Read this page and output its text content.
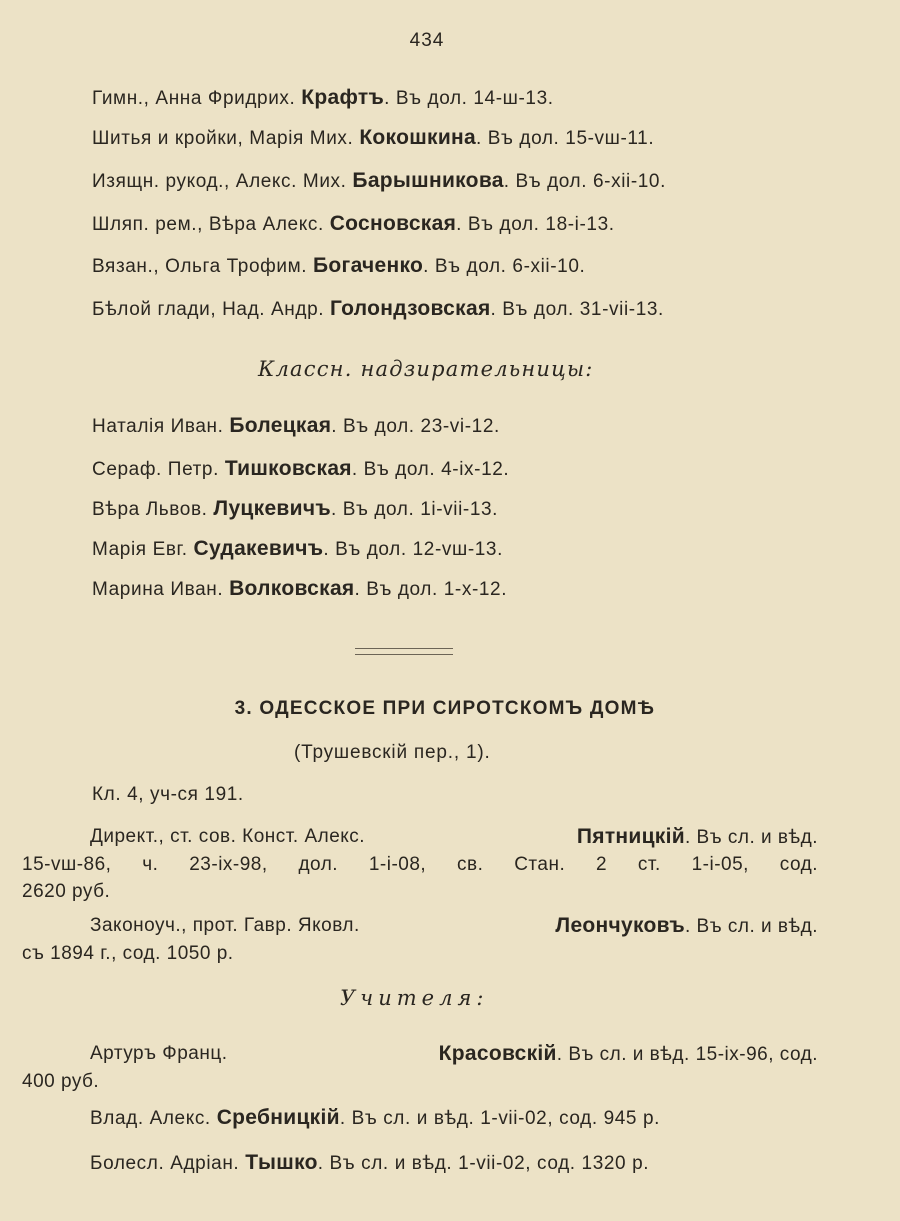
434
Гимн., Анна Фридрих. Крафтъ. Въ дол. 14-ш-13.
Шитья и кройки, Марія Мих. Кокошкина. Въ дол. 15-vш-11.
Изящн. рукод., Алекс. Мих. Барышникова. Въ дол. 6-хіі-10.
Шляп. рем., Вѣра Алекс. Сосновская. Въ дол. 18-і-13.
Вязан., Ольга Трофим. Богаченко. Въ дол. 6-хіі-10.
Бѣлой глади, Над. Андр. Голондзовская. Въ дол. 31-vіі-13.
Классн. надзирательницы:
Наталія Иван. Болецкая. Въ дол. 23-vі-12.
Сераф. Петр. Тишковская. Въ дол. 4-іх-12.
Вѣра Львов. Луцкевичъ. Въ дол. 1і-vіі-13.
Марія Евг. Судакевичъ. Въ дол. 12-vш-13.
Марина Иван. Волковская. Въ дол. 1-х-12.
3. ОДЕССКОЕ ПРИ СИРОТСКОМЪ ДОМѢ
(Трушевскій пер., 1).
Кл. 4, уч-ся 191.
Директ., ст. сов. Конст. Алекс.	Пятницкій. Въ сл. и вѣд.
15-vш-86, ч. 23-іх-98, дол. 1-і-08, св. Стан. 2 ст. 1-і-05, сод.
2620 руб.
Законоуч., прот. Гавр. Яковл.	Леончуковъ. Въ сл. и вѣд.
съ 1894 г., сод. 1050 р.
Учителя:
Артуръ Франц.	Красовскій. Въ сл. и вѣд. 15-іх-96, сод.
400 руб.
Влад. Алекс. Сребницкій. Въ сл. и вѣд. 1-vіі-02, сод. 945 р.
Болесл. Адріан. Тышко. Въ сл. и вѣд. 1-vіі-02, сод. 1320 р.
